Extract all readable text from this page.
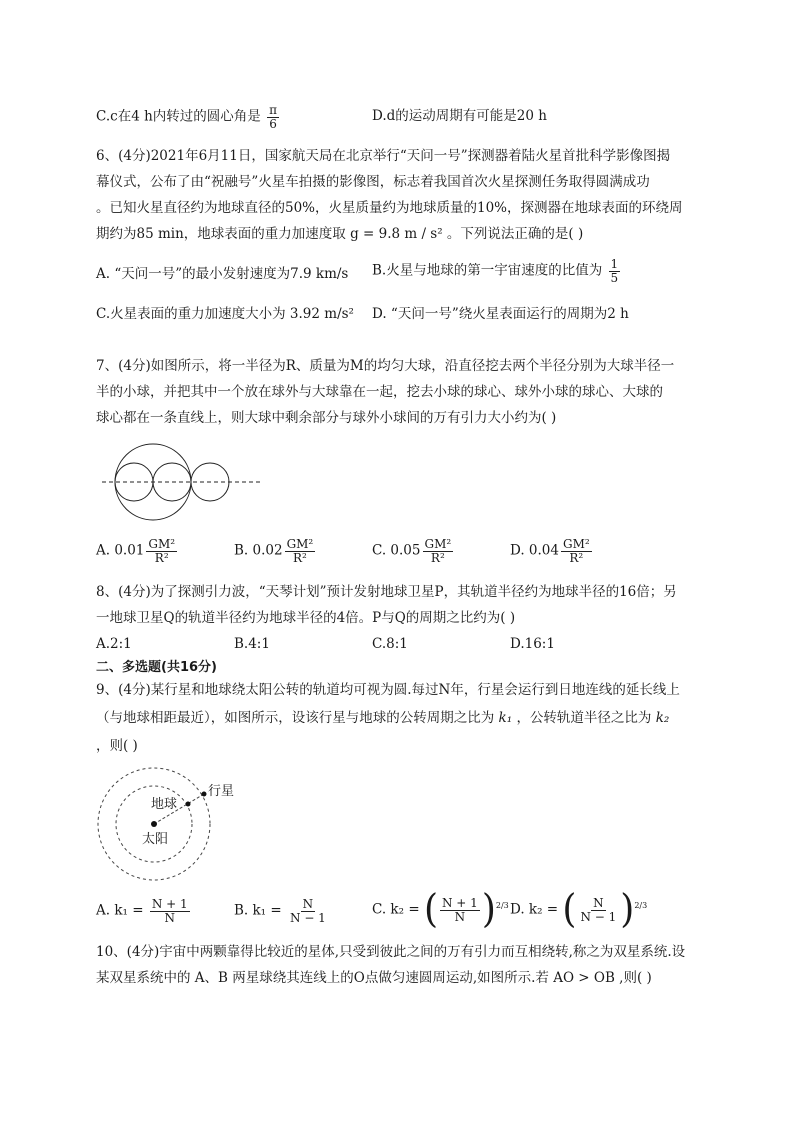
C.c在4 h内转过的圆心角是 $\frac{\pi}{6}$	D.d的运动周期有可能是20 h
6、(4分)2021年6月11日，国家航天局在北京举行“天问一号”探测器着陆火星首批科学影像图揭
幕仪式，公布了由“祝融号”火星车拍摄的影像图，标志着我国首次火星探测任务取得圆满成功
。已知火星直径约为地球直径的50%，火星质量约为地球质量的10%，探测器在地球表面的环绕周
期约为85 min，地球表面的重力加速度取 g = 9.8 m / s² 。下列说法正确的是( )
A. “天问一号”的最小发射速度为7.9 km/s B.火星与地球的第一宇宙速度的比值为 $\frac{1}{5}$
C.火星表面的重力加速度大小为 3.92 m/s² D. “天问一号”绕火星表面运行的周期为2 h
7、(4分)如图所示，将一半径为R、质量为M的均匀大球，沿直径挖去两个半径分别为大球半径一
半的小球，并把其中一个放在球外与大球靠在一起，挖去小球的球心、球外小球的球心、大球的
球心都在一条直线上，则大球中剩余部分与球外小球间的万有引力大小约为( )
A. $0.01 \frac{\text{GM²}}{\text{R²}}$	B. $0.02 \frac{\text{GM²}}{\text{R²}}$	C. $0.05 \frac{\text{GM²}}{\text{R²}}$	D. $0.04 \frac{\text{GM²}}{\text{R²}}$
8、(4分)为了探测引力波，“天琴计划”预计发射地球卫星P，其轨道半径约为地球半径的16倍；另
一地球卫星Q的轨道半径约为地球半径的4倍。P与Q的周期之比约为( )
A.2:1	B.4:1	C.8:1	D.16:1
二、多选题(共16分)
9、(4分)某行星和地球绕太阳公转的轨道均可视为圆.每过N年，行星会运行到日地连线的延长线上
（与地球相距最近），如图所示，设该行星与地球的公转周期之比为 k₁ ，公转轨道半径之比为 k₂
，则( )
行星
地球
太阳
A. $k_1 = \frac{N + 1}{N}$	B. $k_1 = \frac{N}{N - 1}$	C. k₂ = ( $\frac{N + 1}{N}$ ) $^{2/3}$ D. k₂ = ( $\frac{N}{N - 1}$ ) $^{2/3}$
10、(4分)宇宙中两颗靠得比较近的星体,只受到彼此之间的万有引力而互相绕转,称之为双星系统.设
某双星系统中的 A、B 两星球绕其连线上的O点做匀速圆周运动,如图所示.若 AO > OB ,则( )
